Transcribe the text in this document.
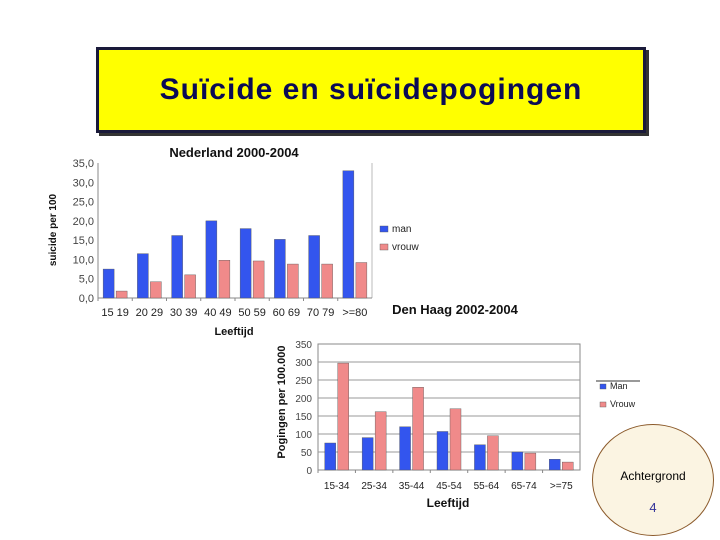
Suïcide en suïcidepogingen
0,0
5,0
10,0
15,0
20,0
25,0
30,0
35,0
15 19 20 29 30 39 40 49 50 59 60 69 70 79 >=80
Nederland 2000-2004
Leeftijd
suicide per 100	man
vrouw
0
50
100
150
200
250
300
350
15-34 25-34 35-44 45-54 55-64 65-74 >=75
Den Haag 2002-2004
Leeftijd
Pogingen per 100.000	Man
Vrouw
Achtergrond
4
